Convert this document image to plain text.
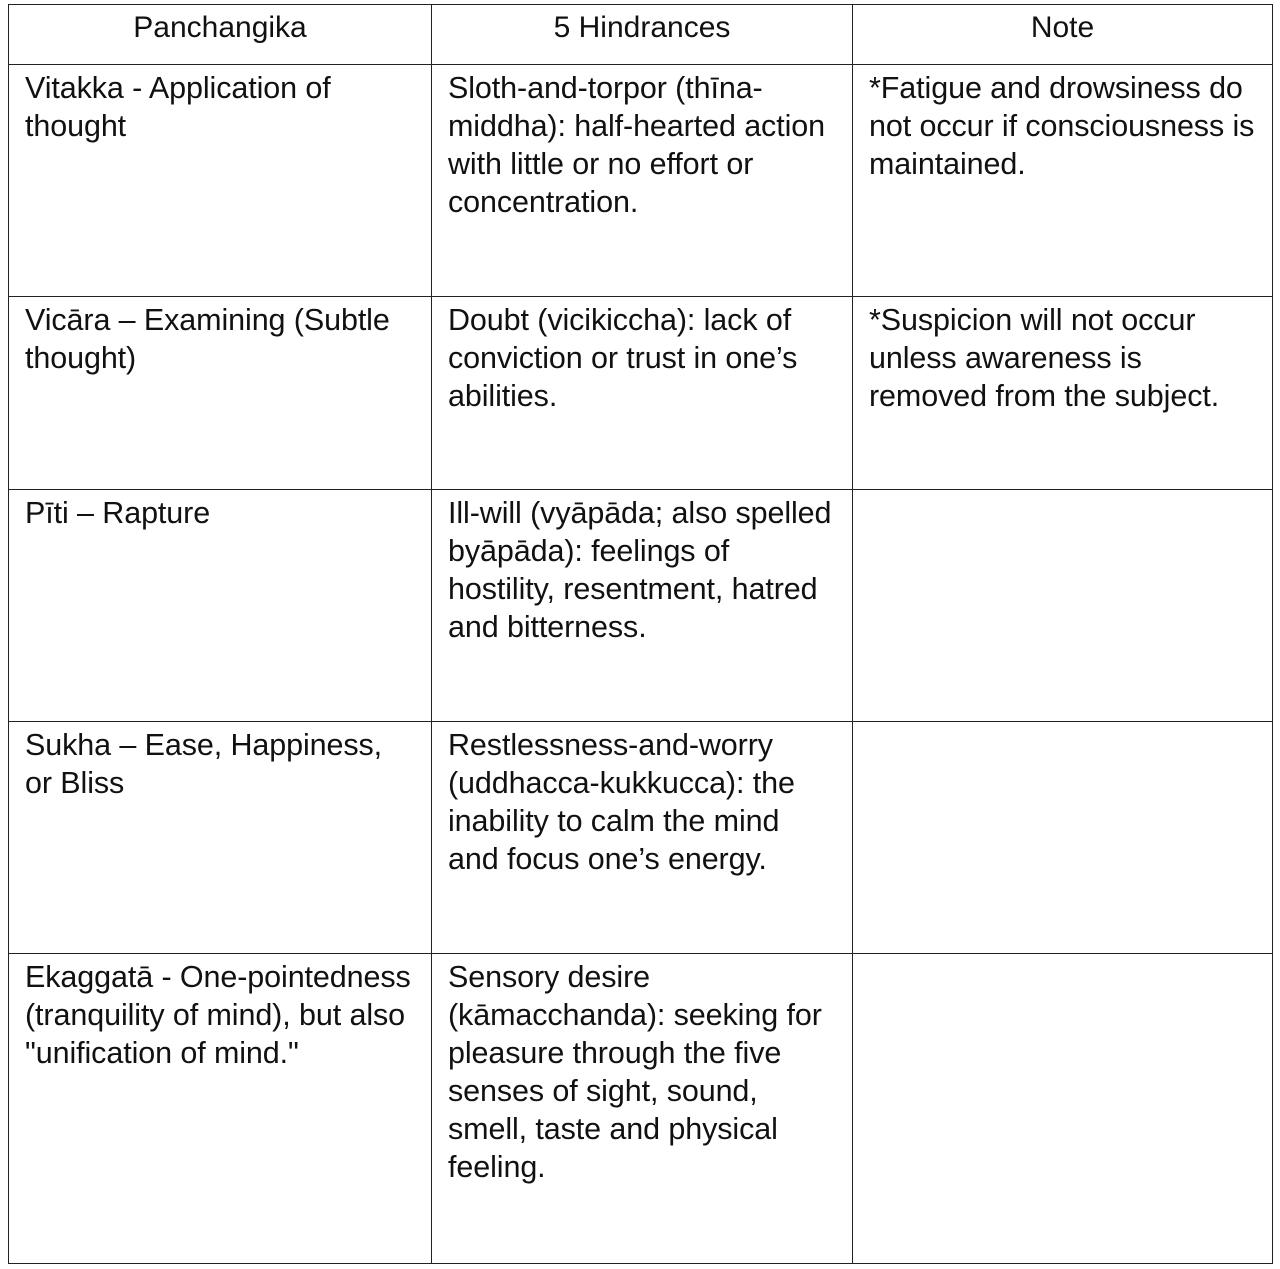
Panchangika	5 Hindrances	Note
Vitakka - Application of thought	Sloth-and-torpor (thīna-middha): half-hearted action with little or no effort or concentration.	*Fatigue and drowsiness do not occur if consciousness is maintained.
Vicāra – Examining (Subtle thought)	Doubt (vicikiccha): lack of conviction or trust in one’s abilities.	*Suspicion will not occur unless awareness is removed from the subject.
Pīti – Rapture	Ill-will (vyāpāda; also spelled byāpāda): feelings of hostility, resentment, hatred and bitterness.	
Sukha – Ease, Happiness, or Bliss	Restlessness-and-worry (uddhacca-kukkucca): the inability to calm the mind and focus one’s energy.	
Ekaggatā - One-pointedness (tranquility of mind), but also "unification of mind."	Sensory desire (kāmacchanda): seeking for pleasure through the five senses of sight, sound, smell, taste and physical feeling.	
